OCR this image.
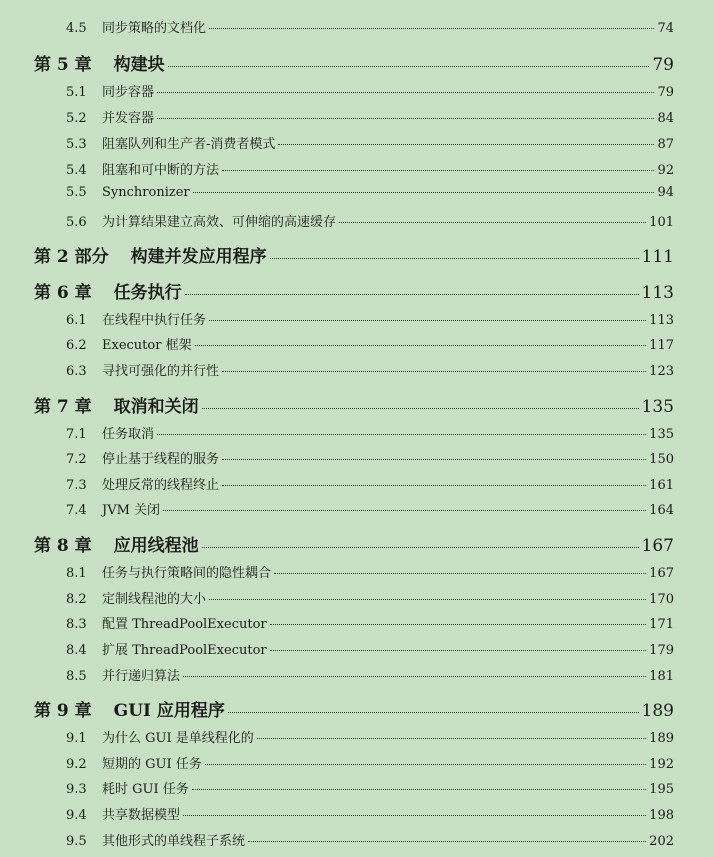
4.5	同步策略的文档化	74
第 5 章 构建块	79
5.1	同步容器	79
5.2	并发容器	84
5.3	阻塞队列和生产者-消费者模式	87
5.4	阻塞和可中断的方法	92
5.5	Synchronizer	94
5.6	为计算结果建立高效、可伸缩的高速缓存	101
第 2 部分 构建并发应用程序	111
第 6 章 任务执行	113
6.1	在线程中执行任务	113
6.2	Executor 框架	117
6.3	寻找可强化的并行性	123
第 7 章 取消和关闭	135
7.1	任务取消	135
7.2	停止基于线程的服务	150
7.3	处理反常的线程终止	161
7.4	JVM 关闭	164
第 8 章 应用线程池	167
8.1	任务与执行策略间的隐性耦合	167
8.2	定制线程池的大小	170
8.3	配置 ThreadPoolExecutor	171
8.4	扩展 ThreadPoolExecutor	179
8.5	并行递归算法	181
第 9 章 GUI 应用程序	189
9.1	为什么 GUI 是单线程化的	189
9.2	短期的 GUI 任务	192
9.3	耗时 GUI 任务	195
9.4	共享数据模型	198
9.5	其他形式的单线程子系统	202
